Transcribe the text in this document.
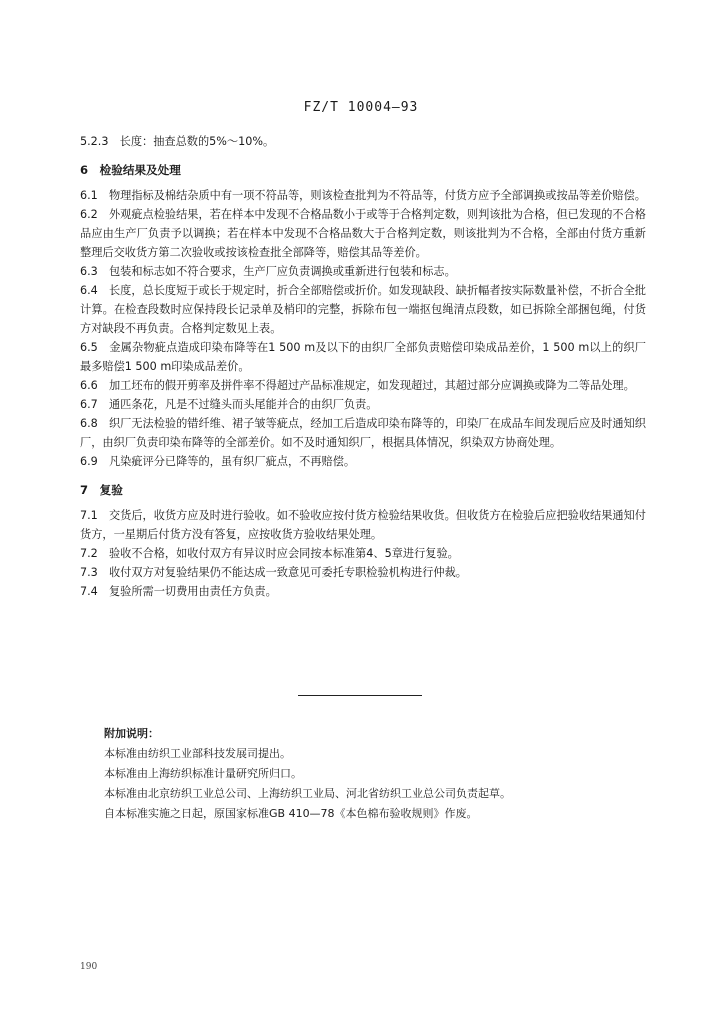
FZ/T 10004—93

5.2.3　长度：抽查总数的5%～10%。

6　检验结果及处理

6.1　物理指标及棉结杂质中有一项不符品等，则该检查批判为不符品等，付货方应予全部调换或按品等差价赔偿。

6.2　外观疵点检验结果，若在样本中发现不合格品数小于或等于合格判定数，则判该批为合格，但已发现的不合格品应由生产厂负责予以调换；若在样本中发现不合格品数大于合格判定数，则该批判为不合格，全部由付货方重新整理后交收货方第二次验收或按该检查批全部降等，赔偿其品等差价。

6.3　包装和标志如不符合要求，生产厂应负责调换或重新进行包装和标志。

6.4　长度，总长度短于或长于规定时，折合全部赔偿或折价。如发现缺段、缺折幅者按实际数量补偿，不折合全批计算。在检查段数时应保持段长记录单及梢印的完整，拆除布包一端抠包绳清点段数，如已拆除全部捆包绳，付货方对缺段不再负责。合格判定数见上表。

6.5　金属杂物疵点造成印染布降等在1 500 m及以下的由织厂全部负责赔偿印染成品差价，1 500 m以上的织厂最多赔偿1 500 m印染成品差价。

6.6　加工坯布的假开剪率及拼件率不得超过产品标准规定，如发现超过，其超过部分应调换或降为二等品处理。

6.7　通匹条花，凡是不过缝头而头尾能并合的由织厂负责。

6.8　织厂无法检验的错纤维、裙子皱等疵点，经加工后造成印染布降等的，印染厂在成品车间发现后应及时通知织厂，由织厂负责印染布降等的全部差价。如不及时通知织厂，根据具体情况，织染双方协商处理。

6.9　凡染疵评分已降等的，虽有织厂疵点，不再赔偿。

7　复验

7.1　交货后，收货方应及时进行验收。如不验收应按付货方检验结果收货。但收货方在检验后应把验收结果通知付货方，一星期后付货方没有答复，应按收货方验收结果处理。

7.2　验收不合格，如收付双方有异议时应会同按本标准第4、5章进行复验。

7.3　收付双方对复验结果仍不能达成一致意见可委托专职检验机构进行仲裁。

7.4　复验所需一切费用由责任方负责。

附加说明：
本标准由纺织工业部科技发展司提出。
本标准由上海纺织标准计量研究所归口。
本标准由北京纺织工业总公司、上海纺织工业局、河北省纺织工业总公司负责起草。
自本标准实施之日起，原国家标准GB 410—78《本色棉布验收规则》作废。
190
